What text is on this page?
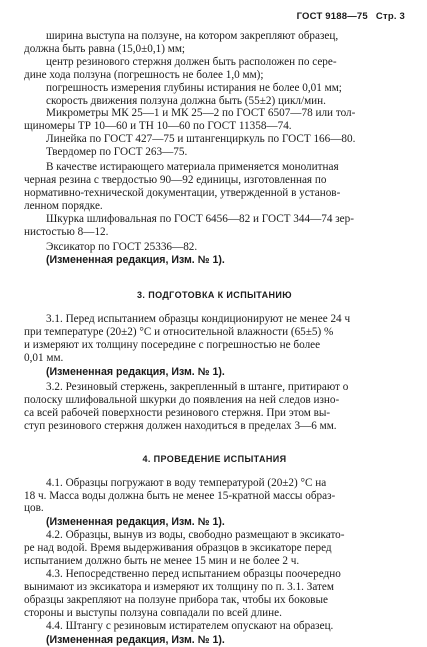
ГОСТ 9188—75 Стр. 3
ширина выступа на ползуне, на котором закрепляют образец,
должна быть равна (15,0±0,1) мм;
центр резинового стержня должен быть расположен по сере-
дине хода ползуна (погрешность не более 1,0 мм);
погрешность измерения глубины истирания не более 0,01 мм;
скорость движения ползуна должна быть (55±2) цикл/мин.
Микрометры МК 25—1 и МК 25—2 по ГОСТ 6507—78 или тол-
щиномеры ТР 10—60 и ТН 10—60 по ГОСТ 11358—74.
Линейка по ГОСТ 427—75 и штангенциркуль по ГОСТ 166—80.
Твердомер по ГОСТ 263—75.
В качестве истирающего материала применяется монолитная
черная резина с твердостью 90—92 единицы, изготовленная по
нормативно-технической документации, утвержденной в установ-
ленном порядке.
Шкурка шлифовальная по ГОСТ 6456—82 и ГОСТ 344—74 зер-
нистостью 8—12.
Эксикатор по ГОСТ 25336—82.
(Измененная редакция, Изм. № 1).
3. ПОДГОТОВКА К ИСПЫТАНИЮ
3.1. Перед испытанием образцы кондиционируют не менее 24 ч
при температуре (20±2) °С и относительной влажности (65±5) %
и измеряют их толщину посередине с погрешностью не более
0,01 мм.
(Измененная редакция, Изм. № 1).
3.2. Резиновый стержень, закрепленный в штанге, притирают о
полоску шлифовальной шкурки до появления на ней следов изно-
са всей рабочей поверхности резинового стержня. При этом вы-
ступ резинового стержня должен находиться в пределах 3—6 мм.
4. ПРОВЕДЕНИЕ ИСПЫТАНИЯ
4.1. Образцы погружают в воду температурой (20±2) °С на
18 ч. Масса воды должна быть не менее 15-кратной массы образ-
цов.
(Измененная редакция, Изм. № 1).
4.2. Образцы, вынув из воды, свободно размещают в эксикато-
ре над водой. Время выдерживания образцов в эксикаторе перед
испытанием должно быть не менее 15 мин и не более 2 ч.
4.3. Непосредственно перед испытанием образцы поочередно
вынимают из эксикатора и измеряют их толщину по п. 3.1. Затем
образцы закрепляют на ползуне прибора так, чтобы их боковые
стороны и выступы ползуна совпадали по всей длине.
4.4. Штангу с резиновым истирателем опускают на образец.
(Измененная редакция, Изм. № 1).
